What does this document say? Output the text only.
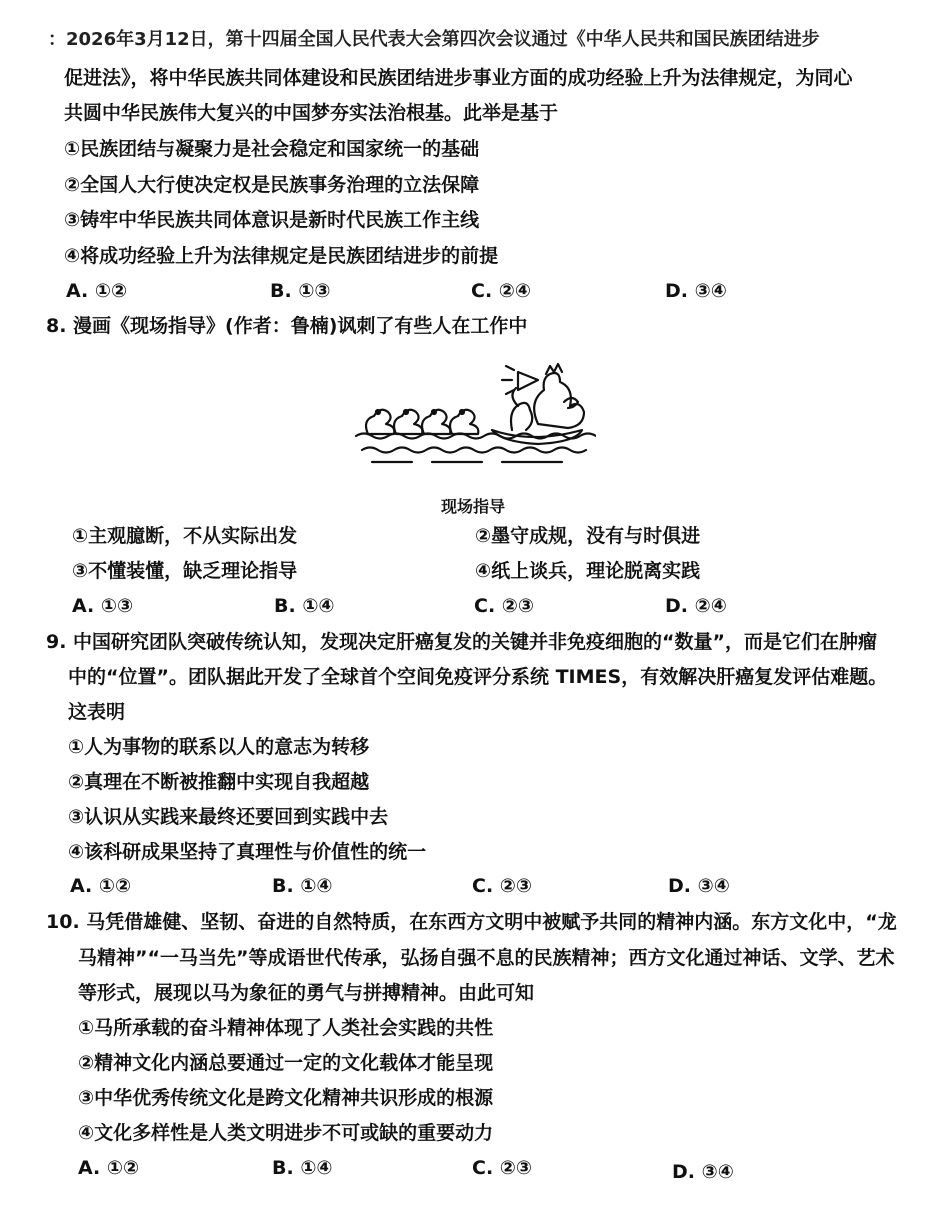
：2026年3月12日，第十四届全国人民代表大会第四次会议通过《中华人民共和国民族团结进步
促进法》，将中华民族共同体建设和民族团结进步事业方面的成功经验上升为法律规定，为同心
共圆中华民族伟大复兴的中国梦夯实法治根基。此举是基于
①民族团结与凝聚力是社会稳定和国家统一的基础
②全国人大行使决定权是民族事务治理的立法保障
③铸牢中华民族共同体意识是新时代民族工作主线
④将成功经验上升为法律规定是民族团结进步的前提
A. ①②	B. ①③	C. ②④	D. ③④
8. 漫画《现场指导》(作者：鲁楠)讽刺了有些人在工作中
现场指导
①主观臆断，不从实际出发	②墨守成规，没有与时俱进
③不懂装懂，缺乏理论指导	④纸上谈兵，理论脱离实践
A. ①③	B. ①④	C. ②③	D. ②④
9. 中国研究团队突破传统认知，发现决定肝癌复发的关键并非免疫细胞的“数量”，而是它们在肿瘤
中的“位置”。团队据此开发了全球首个空间免疫评分系统 TIMES，有效解决肝癌复发评估难题。
这表明
①人为事物的联系以人的意志为转移
②真理在不断被推翻中实现自我超越
③认识从实践来最终还要回到实践中去
④该科研成果坚持了真理性与价值性的统一
A. ①②	B. ①④	C. ②③	D. ③④
10. 马凭借雄健、坚韧、奋进的自然特质，在东西方文明中被赋予共同的精神内涵。东方文化中，“龙
马精神”“一马当先”等成语世代传承，弘扬自强不息的民族精神；西方文化通过神话、文学、艺术
等形式，展现以马为象征的勇气与拼搏精神。由此可知
①马所承载的奋斗精神体现了人类社会实践的共性
②精神文化内涵总要通过一定的文化载体才能呈现
③中华优秀传统文化是跨文化精神共识形成的根源
④文化多样性是人类文明进步不可或缺的重要动力
A. ①②	B. ①④	C. ②③	D. ③④
